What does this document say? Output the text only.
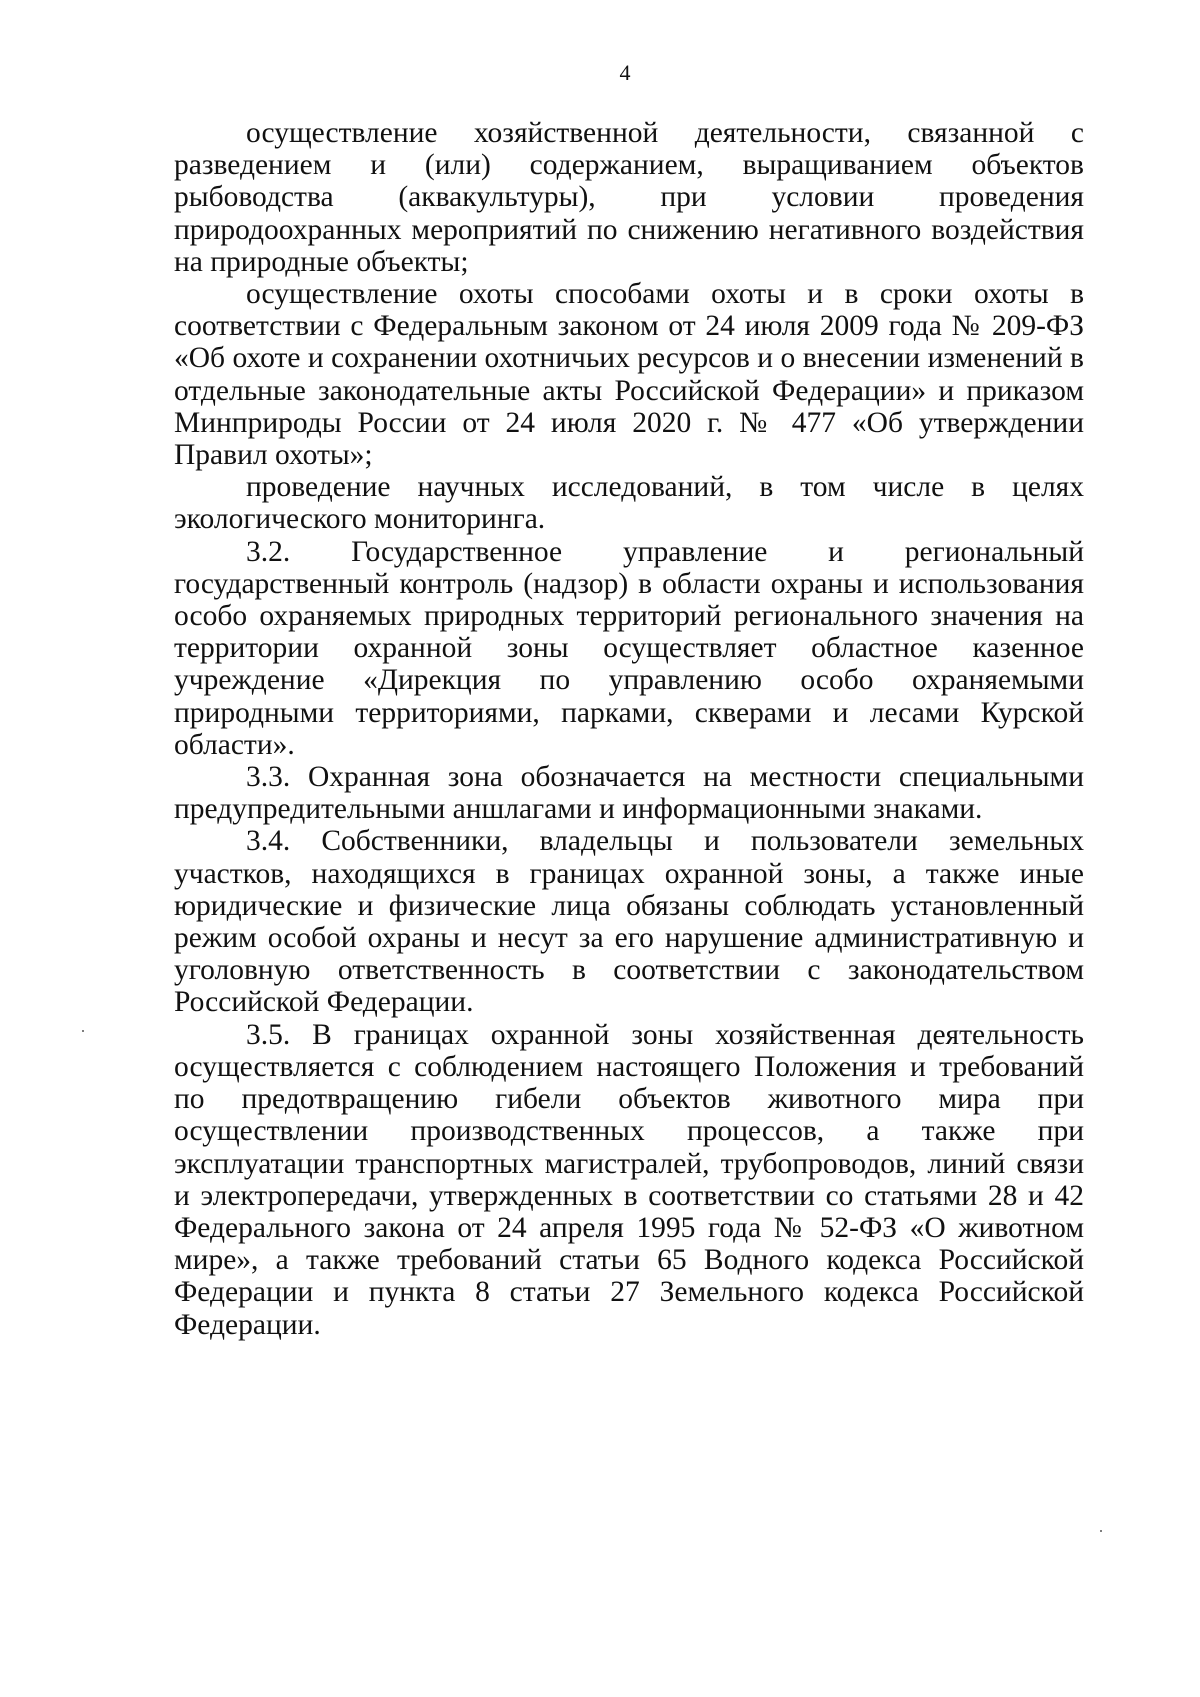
4

осуществление хозяйственной деятельности, связанной с разведением и (или) содержанием, выращиванием объектов рыбоводства (аквакультуры), при условии проведения природоохранных мероприятий по снижению негативного воздействия на природные объекты;

осуществление охоты способами охоты и в сроки охоты в соответствии с Федеральным законом от 24 июля 2009 года № 209-ФЗ «Об охоте и сохранении охотничьих ресурсов и о внесении изменений в отдельные законодательные акты Российской Федерации» и приказом Минприроды России от 24 июля 2020 г. № 477 «Об утверждении Правил охоты»;

проведение научных исследований, в том числе в целях экологического мониторинга.

3.2. Государственное управление и региональный государственный контроль (надзор) в области охраны и использования особо охраняемых природных территорий регионального значения на территории охранной зоны осуществляет областное казенное учреждение «Дирекция по управлению особо охраняемыми природными территориями, парками, скверами и лесами Курской области».

3.3. Охранная зона обозначается на местности специальными предупредительными аншлагами и информационными знаками.

3.4. Собственники, владельцы и пользователи земельных участков, находящихся в границах охранной зоны, а также иные юридические и физические лица обязаны соблюдать установленный режим особой охраны и несут за его нарушение административную и уголовную ответственность в соответствии с законодательством Российской Федерации.

3.5. В границах охранной зоны хозяйственная деятельность осуществляется с соблюдением настоящего Положения и требований по предотвращению гибели объектов животного мира при осуществлении производственных процессов, а также при эксплуатации транспортных магистралей, трубопроводов, линий связи и электропередачи, утвержденных в соответствии со статьями 28 и 42 Федерального закона от 24 апреля 1995 года № 52-ФЗ «О животном мире», а также требований статьи 65 Водного кодекса Российской Федерации и пункта 8 статьи 27 Земельного кодекса Российской Федерации.
